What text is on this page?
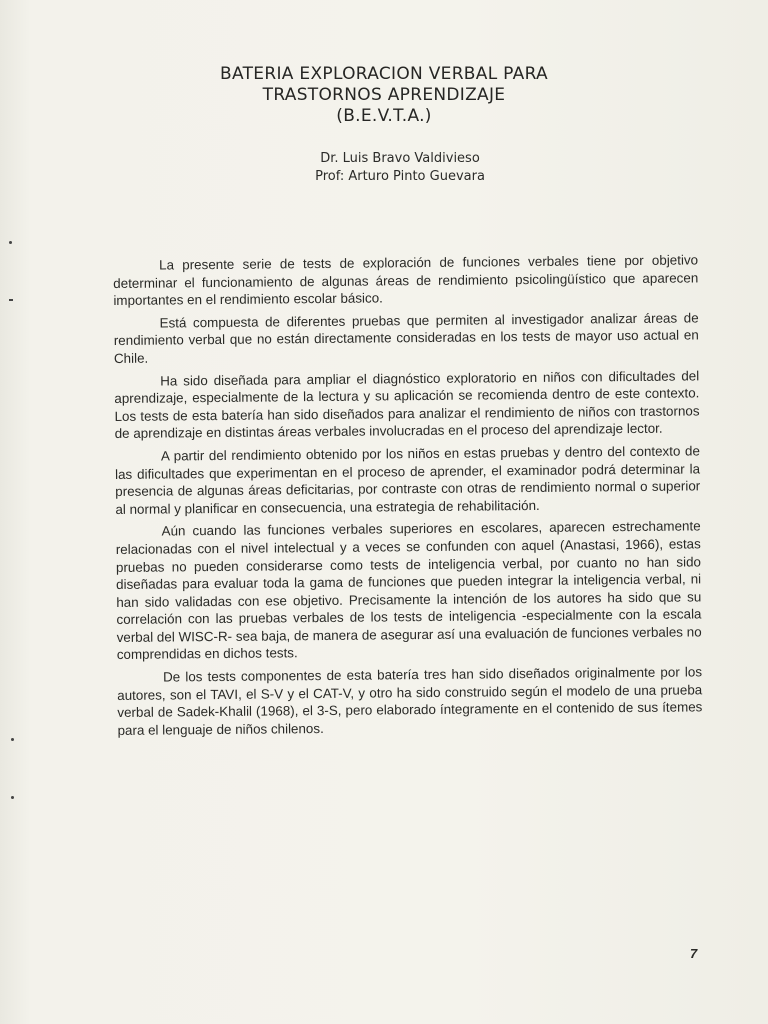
BATERIA EXPLORACION VERBAL PARA
TRASTORNOS APRENDIZAJE
(B.E.V.T.A.)
Dr. Luis Bravo Valdivieso
Prof: Arturo Pinto Guevara

La presente serie de tests de exploración de funciones verbales tiene por objetivo determinar el funcionamiento de algunas áreas de rendimiento psicolingüístico que aparecen importantes en el rendimiento escolar básico.

Está compuesta de diferentes pruebas que permiten al investigador analizar áreas de rendimiento verbal que no están directamente consideradas en los tests de mayor uso actual en Chile.

Ha sido diseñada para ampliar el diagnóstico exploratorio en niños con dificultades del aprendizaje, especialmente de la lectura y su aplicación se recomienda dentro de este contexto. Los tests de esta batería han sido diseñados para analizar el rendimiento de niños con trastornos de aprendizaje en distintas áreas verbales involucradas en el proceso del aprendizaje lector.

A partir del rendimiento obtenido por los niños en estas pruebas y dentro del contexto de las dificultades que experimentan en el proceso de aprender, el examinador podrá determinar la presencia de algunas áreas deficitarias, por contraste con otras de rendimiento normal o superior al normal y planificar en consecuencia, una estrategia de rehabilitación.

Aún cuando las funciones verbales superiores en escolares, aparecen estrechamente relacionadas con el nivel intelectual y a veces se confunden con aquel (Anastasi, 1966), estas pruebas no pueden considerarse como tests de inteligencia verbal, por cuanto no han sido diseñadas para evaluar toda la gama de funciones que pueden integrar la inteligencia verbal, ni han sido validadas con ese objetivo. Precisamente la intención de los autores ha sido que su correlación con las pruebas verbales de los tests de inteligencia -especialmente con la escala verbal del WISC-R- sea baja, de manera de asegurar así una evaluación de funciones verbales no comprendidas en dichos tests.

De los tests componentes de esta batería tres han sido diseñados originalmente por los autores, son el TAVI, el S-V y el CAT-V, y otro ha sido construido según el modelo de una prueba verbal de Sadek-Khalil (1968), el 3-S, pero elaborado íntegramente en el contenido de sus ítemes para el lenguaje de niños chilenos.

7
